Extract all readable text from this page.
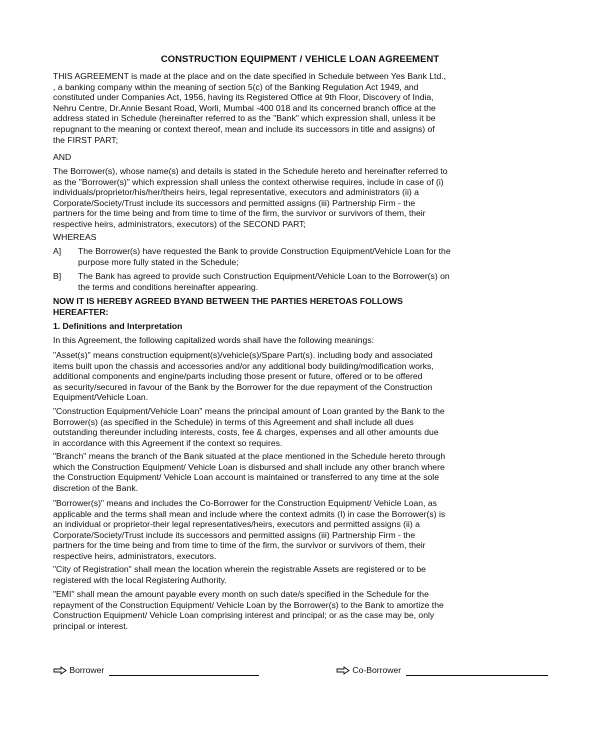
CONSTRUCTION EQUIPMENT / VEHICLE LOAN AGREEMENT
THIS AGREEMENT is made at the place and on the date specified in Schedule between Yes Bank Ltd.,
, a banking company within the meaning of section 5(c) of the Banking Regulation Act 1949, and
constituted under Companies Act, 1956, having its Registered Office at 9th Floor, Discovery of India,
Nehru Centre, Dr.Annie Besant Road, Worli, Mumbai -400 018 and its concerned branch office at the
address stated in Schedule (hereinafter referred to as the "Bank" which expression shall, unless it be
repugnant to the meaning or context thereof, mean and include its successors in title and assigns) of
the FIRST PART;
AND
The Borrower(s), whose name(s) and details is stated in the Schedule hereto and hereinafter referred to
as the "Borrower(s)" which expression shall unless the context otherwise requires, include in case of (i)
individuals/proprietor/his/her/theirs heirs, legal representative, executors and administrators (ii) a
Corporate/Society/Trust include its successors and permitted assigns (iii) Partnership Firm - the
partners for the time being and from time to time of the firm, the survivor or survivors of them, their
respective heirs, administrators, executors) of the SECOND PART;
WHEREAS
A] The Borrower(s) have requested the Bank to provide Construction Equipment/Vehicle Loan for the
purpose more fully stated in the Schedule;
B] The Bank has agreed to provide such Construction Equipment/Vehicle Loan to the Borrower(s) on
the terms and conditions hereinafter appearing.
NOW IT IS HEREBY AGREED BYAND BETWEEN THE PARTIES HERETOAS FOLLOWS
HEREAFTER:
1. Definitions and Interpretation
In this Agreement, the following capitalized words shall have the following meanings:
"Asset(s)" means construction equipment(s)/vehicle(s)/Spare Part(s). including body and associated
items built upon the chassis and accessories and/or any additional body building/modification works,
additional components and engine/parts including those present or future, offered or to be offered
as security/secured in favour of the Bank by the Borrower for the due repayment of the Construction
Equipment/Vehicle Loan.
"Construction Equipment/Vehicle Loan" means the principal amount of Loan granted by the Bank to the
Borrower(s) (as specified in the Schedule) in terms of this Agreement and shall include all dues
outstanding thereunder including interests, costs, fee & charges, expenses and all other amounts due
in accordance with this Agreement if the context so requires.
"Branch" means the branch of the Bank situated at the place mentioned in the Schedule hereto through
which the Construction Equipment/ Vehicle Loan is disbursed and shall include any other branch where
the Construction Equipment/ Vehicle Loan account is maintained or transferred to any time at the sole
discretion of the Bank.
"Borrower(s)" means and includes the Co-Borrower for the Construction Equipment/ Vehicle Loan, as
applicable and the terms shall mean and include where the context admits (I) in case the Borrower(s) is
an individual or proprietor-their legal representatives/heirs, executors and permitted assigns (ii) a
Corporate/Society/Trust include its successors and permitted assigns (iii) Partnership Firm - the
partners for the time being and from time to time of the firm, the survivor or survivors of them, their
respective heirs, administrators, executors.
"City of Registration" shall mean the location wherein the registrable Assets are registered or to be
registered with the local Registering Authority.
"EMI" shall mean the amount payable every month on such date/s specified in the Schedule for the
repayment of the Construction Equipment/ Vehicle Loan by the Borrower(s) to the Bank to amortize the
Construction Equipment/ Vehicle Loan comprising interest and principal; or as the case may be, only
principal or interest.
Borrower	Co-Borrower
